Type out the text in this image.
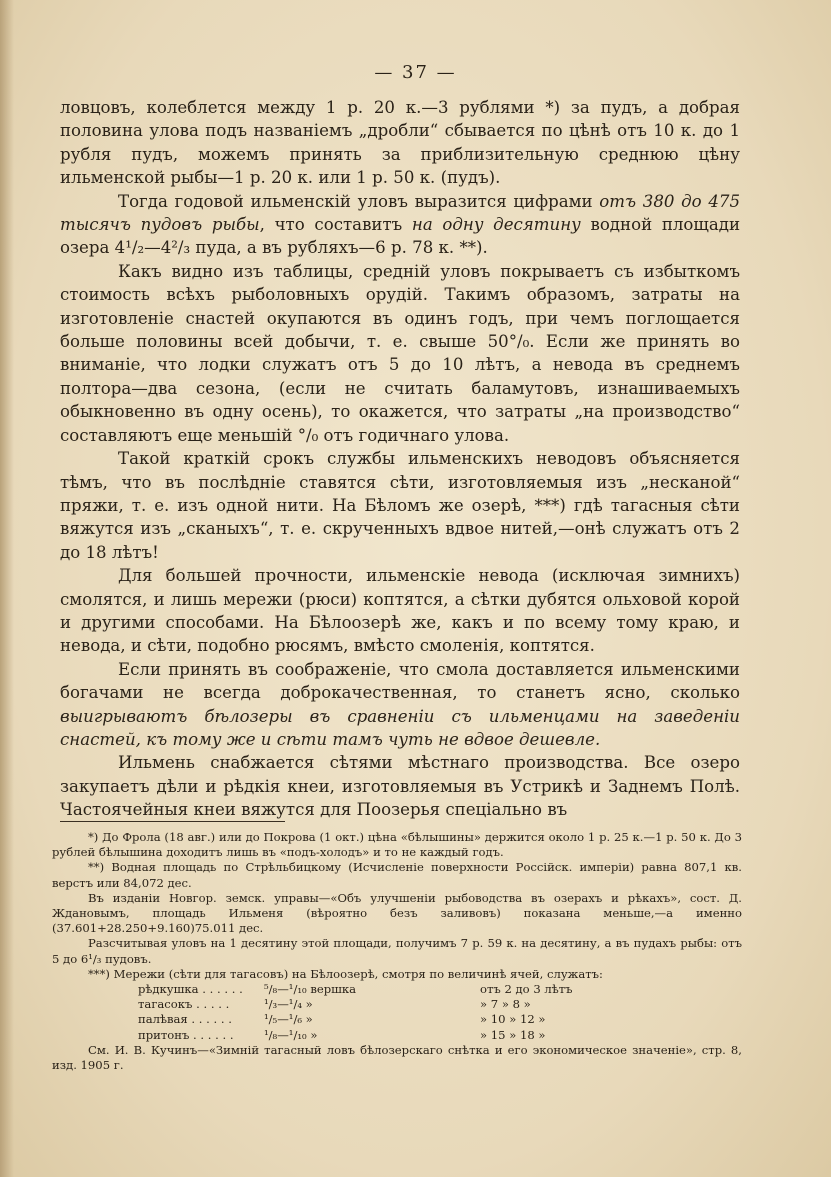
— 37 —

ловцовъ, колеблется между 1 р. 20 к.—3 рублями *) за пудъ, а добрая половина улова подъ названіемъ „дробли“ сбывается по цѣнѣ отъ 10 к. до 1 рубля пудъ, можемъ принять за приблизительную среднюю цѣну ильменской рыбы—1 р. 20 к. или 1 р. 50 к. (пудъ).

Тогда годовой ильменскій уловъ выразится цифрами отъ 380 до 475 тысячъ пудовъ рыбы, что составитъ на одну десятину водной площади озера 4¹/₂—4²/₃ пуда, а въ рубляхъ—6 р. 78 к. **).

Какъ видно изъ таблицы, средній уловъ покрываетъ съ избыткомъ стоимость всѣхъ рыболовныхъ орудій. Такимъ образомъ, затраты на изготовленіе снастей окупаются въ одинъ годъ, при чемъ поглощается больше половины всей добычи, т. е. свыше 50°/₀. Если же принять во вниманіе, что лодки служатъ отъ 5 до 10 лѣтъ, а невода въ среднемъ полтора—два сезона, (если не считать баламутовъ, изнашиваемыхъ обыкновенно въ одну осень), то окажется, что затраты „на производство“ составляютъ еще меньшій °/₀ отъ годичнаго улова.

Такой краткій срокъ службы ильменскихъ неводовъ объясняется тѣмъ, что въ послѣдніе ставятся сѣти, изготовляемыя изъ „несканой“ пряжи, т. е. изъ одной нити. На Бѣломъ же озерѣ, ***) гдѣ тагасныя сѣти вяжутся изъ „сканыхъ“, т. е. скрученныхъ вдвое нитей,—онѣ служатъ отъ 2 до 18 лѣтъ!

Для большей прочности, ильменскіе невода (исключая зимнихъ) смолятся, и лишь мережи (рюси) коптятся, а сѣтки дубятся ольховой корой и другими способами. На Бѣлоозерѣ же, какъ и по всему тому краю, и невода, и сѣти, подобно рюсямъ, вмѣсто смоленія, коптятся.

Если принять въ соображеніе, что смола доставляется ильменскими богачами не всегда доброкачественная, то станетъ ясно, сколько выигрываютъ бѣлозеры въ сравненіи съ ильменцами на заведеніи снастей, къ тому же и сѣти тамъ чуть не вдвое дешевле.

Ильмень снабжается сѣтями мѣстнаго производства. Все озеро закупаетъ дѣли и рѣдкія кнеи, изготовляемыя въ Устрикѣ и Заднемъ Полѣ. Частоячейныя кнеи вяжутся для Поозерья спеціально въ

*) До Фрола (18 авг.) или до Покрова (1 окт.) цѣна «бѣлышины» держится около 1 р. 25 к.—1 р. 50 к. До 3 рублей бѣлышина доходитъ лишь въ «подъ-холодъ» и то не каждый годъ.

**) Водная площадь по Стрѣльбицкому (Исчисленіе поверхности Россійск. имперіи) равна 807,1 кв. верстъ или 84,072 дес.

Въ изданіи Новгор. земск. управы—«Объ улучшеніи рыбоводства въ озерахъ и рѣкахъ», сост. Д. Ждановымъ, площадь Ильменя (вѣроятно безъ заливовъ) показана меньше,—а именно (37.601+28.250+9.160)75.011 дес.

Разсчитывая уловъ на 1 десятину этой площади, получимъ 7 р. 59 к. на десятину, а въ пудахъ рыбы: отъ 5 до 6¹/₃ пудовъ.

***) Мережи (сѣти для тагасовъ) на Бѣлоозерѣ, смотря по величинѣ ячей, служатъ:

рѣдкушка . . . . . .	⁵/₈—¹/₁₀ вершка	отъ 2 до 3 лѣтъ
тагасокъ . . . . .	¹/₃—¹/₄ »	» 7 » 8 »
палѣвая . . . . . .	¹/₅—¹/₆ »	» 10 » 12 »
притонъ . . . . . .	¹/₈—¹/₁₀ »	» 15 » 18 »

См. И. В. Кучинъ—«Зимній тагасный ловъ бѣлозерскаго снѣтка и его экономическое значеніе», стр. 8, изд. 1905 г.
